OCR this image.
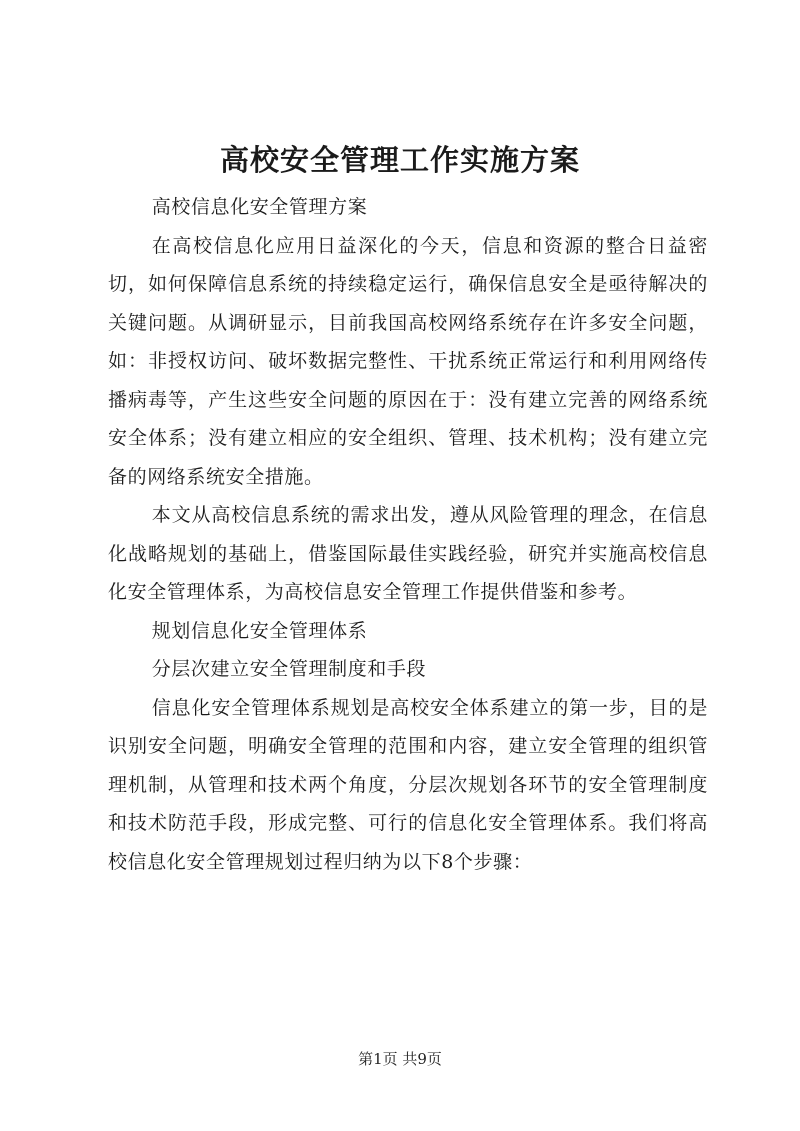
高校安全管理工作实施方案

高校信息化安全管理方案

在高校信息化应用日益深化的今天，信息和资源的整合日益密切，如何保障信息系统的持续稳定运行，确保信息安全是亟待解决的关键问题。从调研显示，目前我国高校网络系统存在许多安全问题，如：非授权访问、破坏数据完整性、干扰系统正常运行和利用网络传播病毒等，产生这些安全问题的原因在于：没有建立完善的网络系统安全体系；没有建立相应的安全组织、管理、技术机构；没有建立完备的网络系统安全措施。

本文从高校信息系统的需求出发，遵从风险管理的理念，在信息化战略规划的基础上，借鉴国际最佳实践经验，研究并实施高校信息化安全管理体系，为高校信息安全管理工作提供借鉴和参考。

规划信息化安全管理体系

分层次建立安全管理制度和手段

信息化安全管理体系规划是高校安全体系建立的第一步，目的是识别安全问题，明确安全管理的范围和内容，建立安全管理的组织管理机制，从管理和技术两个角度，分层次规划各环节的安全管理制度和技术防范手段，形成完整、可行的信息化安全管理体系。我们将高校信息化安全管理规划过程归纳为以下8个步骤：

第1页 共9页
